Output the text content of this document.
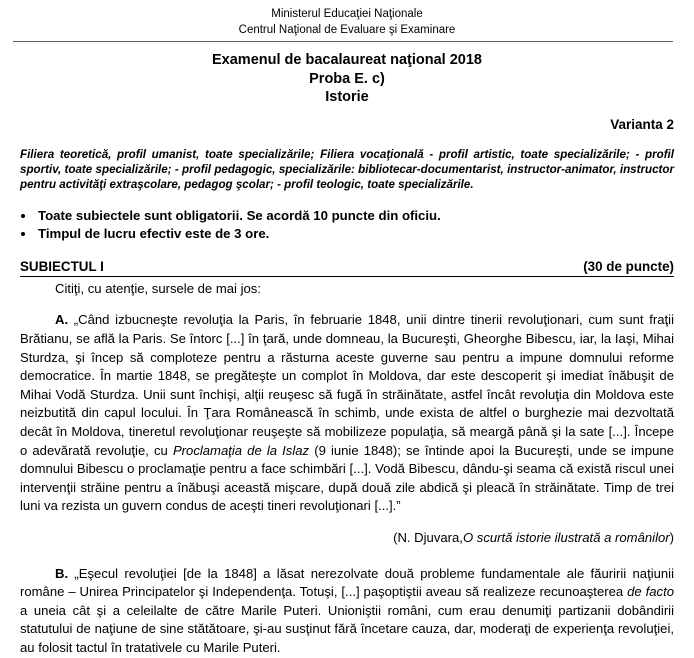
Ministerul Educaţiei Naţionale
Centrul Naţional de Evaluare şi Examinare
Examenul de bacalaureat naţional 2018
Proba E. c)
Istorie
Varianta 2
Filiera teoretică, profil umanist, toate specializările; Filiera vocaţională - profil artistic, toate specializările; - profil sportiv, toate specializările; - profil pedagogic, specializările: bibliotecar-documentarist, instructor-animator, instructor pentru activităţi extraşcolare, pedagog şcolar; - profil teologic, toate specializările.
Toate subiectele sunt obligatorii. Se acordă 10 puncte din oficiu.
Timpul de lucru efectiv este de 3 ore.
SUBIECTUL I	(30 de puncte)

Citiţi, cu atenţie, sursele de mai jos:

A. „Când izbucneşte revoluţia la Paris, în februarie 1848, unii dintre tinerii revoluţionari, cum sunt fraţii Brătianu, se află la Paris. Se întorc [...] în ţară, unde domneau, la Bucureşti, Gheorghe Bibescu, iar, la Iaşi, Mihai Sturdza, şi încep să comploteze pentru a răsturna aceste guverne sau pentru a impune domnului reforme democratice. În martie 1848, se pregăteşte un complot în Moldova, dar este descoperit şi imediat înăbuşit de Mihai Vodă Sturdza. Unii sunt închişi, alţii reuşesc să fugă în străinătate, astfel încât revoluţia din Moldova este neizbutită din capul locului. În Ţara Românească în schimb, unde exista de altfel o burghezie mai dezvoltată decât în Moldova, tineretul revoluţionar reuşeşte să mobilizeze populaţia, să meargă până şi la sate [...]. Începe o adevărată revoluţie, cu Proclamaţia de la Islaz (9 iunie 1848); se întinde apoi la Bucureşti, unde se impune domnului Bibescu o proclamaţie pentru a face schimbări [...]. Vodă Bibescu, dându-şi seama că există riscul unei intervenţii străine pentru a înăbuşi această mişcare, după două zile abdică şi pleacă în străinătate. Timp de trei luni va rezista un guvern condus de aceşti tineri revoluţionari [...].”

(N. Djuvara, O scurtă istorie ilustrată a românilor )

B. „Eşecul revoluţiei [de la 1848] a lăsat nerezolvate două probleme fundamentale ale făuririi naţiunii române – Unirea Principatelor şi Independenţa. Totuşi, [...] paşoptiştii aveau să realizeze recunoaşterea de facto a uneia cât şi a celeilalte de către Marile Puteri. Unioniştii români, cum erau denumiţi partizanii dobândirii statutului de naţiune de sine stătătoare, şi-au susţinut fără încetare cauza, dar, moderaţi de experienţa revoluţiei, au folosit tactul în tratativele cu Marile Puteri.
